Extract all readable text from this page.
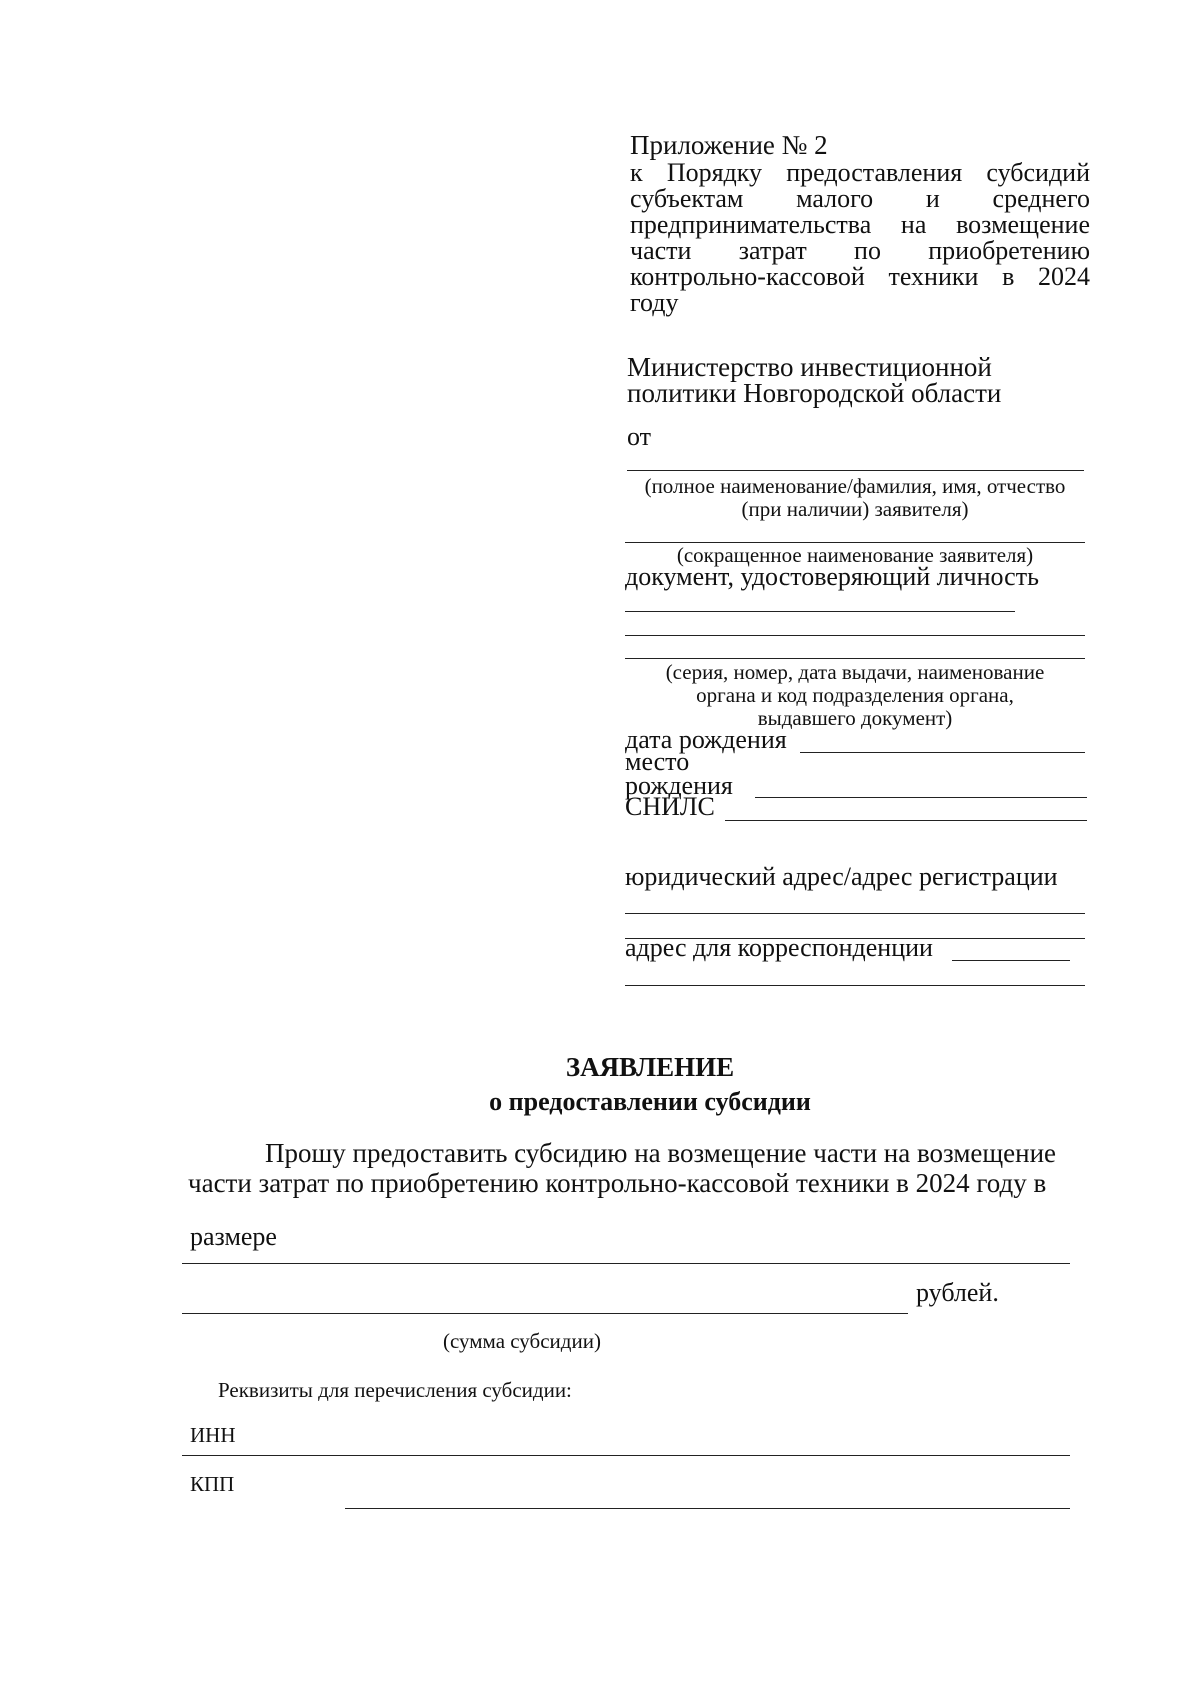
Приложение № 2
к Порядку предоставления субсидий
субъектам малого и среднего
предпринимательства на возмещение
части затрат по приобретению
контрольно-кассовой техники в 2024
году
Министерство инвестиционной
политики Новгородской области
от
(полное наименование/фамилия, имя, отчество
(при наличии) заявителя)
(сокращенное наименование заявителя)
документ, удостоверяющий личность
(серия, номер, дата выдачи, наименование
органа и код подразделения органа,
выдавшего документ)
дата рождения
место
рождения
СНИЛС
юридический адрес/адрес регистрации
адрес для корреспонденции
ЗАЯВЛЕНИЕ
о предоставлении субсидии
Прошу предоставить субсидию на возмещение части на возмещение
части затрат по приобретению контрольно-кассовой техники в 2024 году в
размере
рублей.
(сумма субсидии)
Реквизиты для перечисления субсидии:
ИНН
КПП
